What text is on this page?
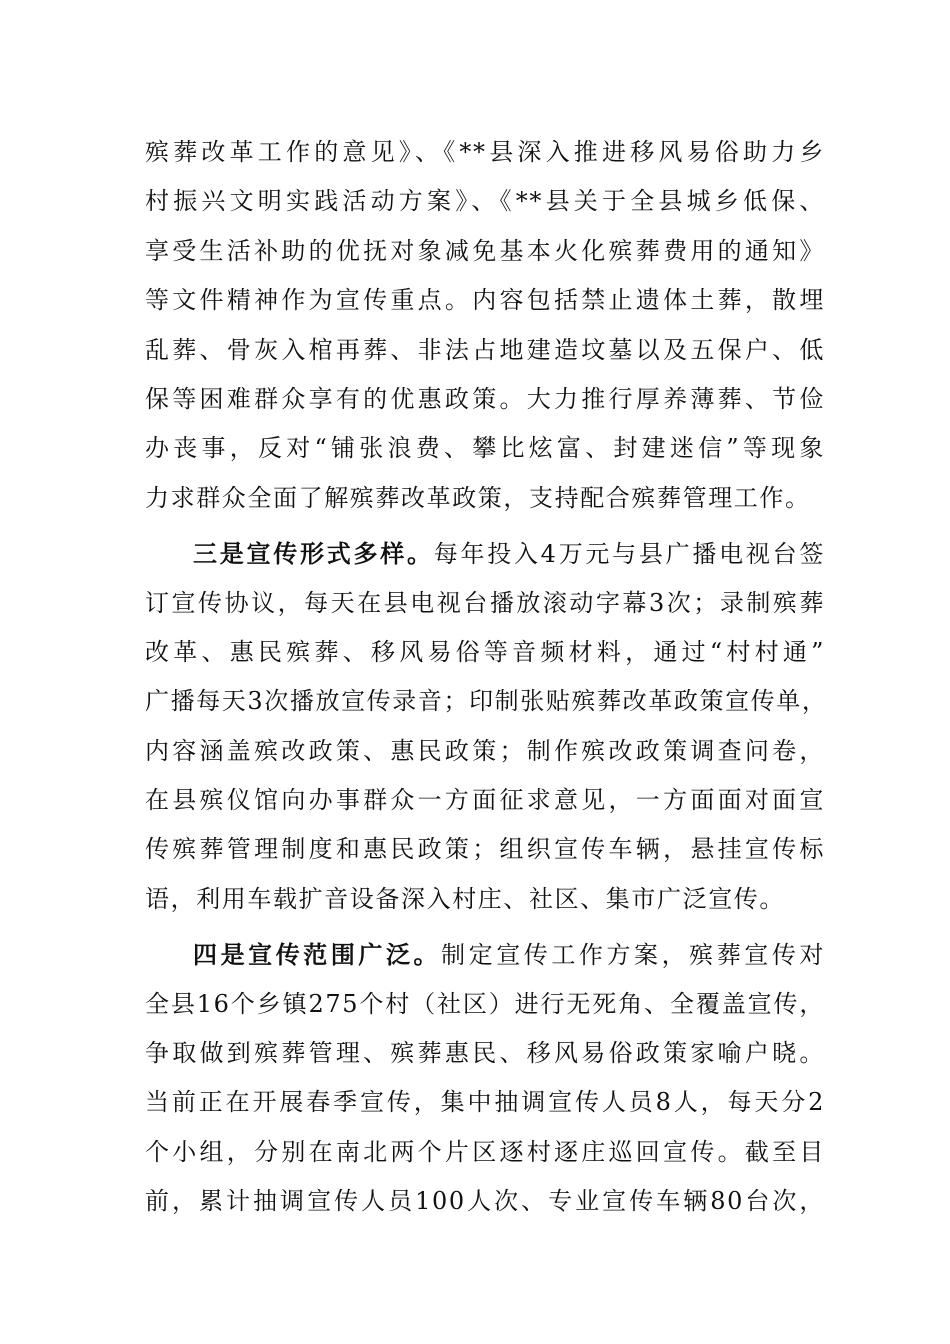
殡葬改革工作的意见》、《**县深入推进移风易俗助力乡
村振兴文明实践活动方案》、《**县关于全县城乡低保、
享受生活补助的优抚对象减免基本火化殡葬费用的通知》
等文件精神作为宣传重点。内容包括禁止遗体土葬，散埋
乱葬、骨灰入棺再葬、非法占地建造坟墓以及五保户、低
保等困难群众享有的优惠政策。大力推行厚养薄葬、节俭
办丧事，反对“铺张浪费、攀比炫富、封建迷信”等现象
力求群众全面了解殡葬改革政策，支持配合殡葬管理工作。
三是宣传形式多样。每年投入4万元与县广播电视台签
订宣传协议，每天在县电视台播放滚动字幕3次；录制殡葬
改革、惠民殡葬、移风易俗等音频材料，通过“村村通”
广播每天3次播放宣传录音；印制张贴殡葬改革政策宣传单，
内容涵盖殡改政策、惠民政策；制作殡改政策调查问卷，
在县殡仪馆向办事群众一方面征求意见，一方面面对面宣
传殡葬管理制度和惠民政策；组织宣传车辆，悬挂宣传标
语，利用车载扩音设备深入村庄、社区、集市广泛宣传。
四是宣传范围广泛。制定宣传工作方案，殡葬宣传对
全县16个乡镇275个村（社区）进行无死角、全覆盖宣传，
争取做到殡葬管理、殡葬惠民、移风易俗政策家喻户晓。
当前正在开展春季宣传，集中抽调宣传人员8人，每天分2
个小组，分别在南北两个片区逐村逐庄巡回宣传。截至目
前，累计抽调宣传人员100人次、专业宣传车辆80台次，
